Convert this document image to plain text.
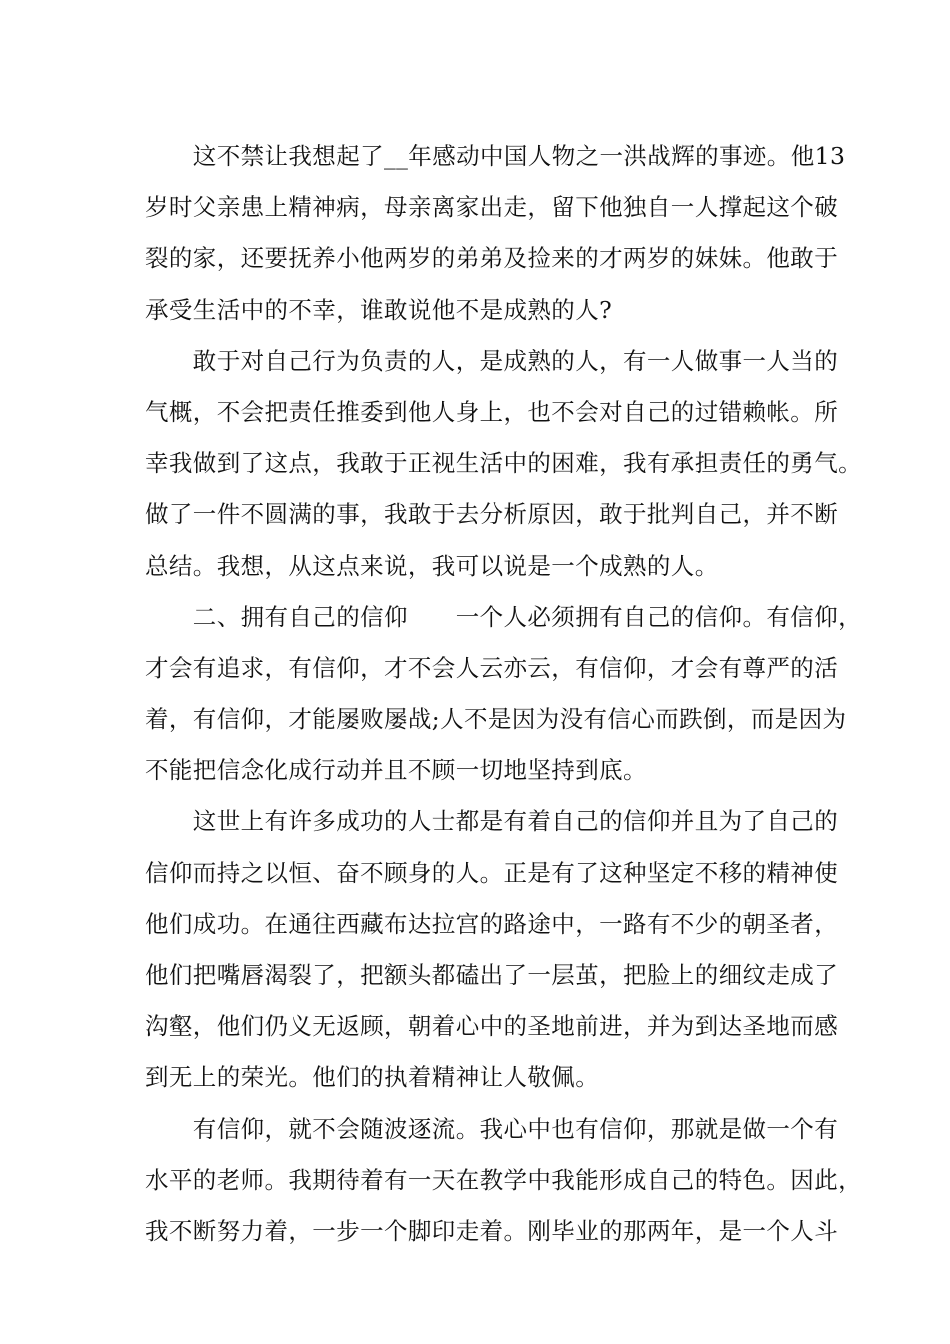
　　这不禁让我想起了__年感动中国人物之一洪战辉的事迹。他13
岁时父亲患上精神病，母亲离家出走，留下他独自一人撑起这个破
裂的家，还要抚养小他两岁的弟弟及捡来的才两岁的妹妹。他敢于
承受生活中的不幸，谁敢说他不是成熟的人?
　　敢于对自己行为负责的人，是成熟的人，有一人做事一人当的
气概，不会把责任推委到他人身上，也不会对自己的过错赖帐。所
幸我做到了这点，我敢于正视生活中的困难，我有承担责任的勇气。
做了一件不圆满的事，我敢于去分析原因，敢于批判自己，并不断
总结。我想，从这点来说，我可以说是一个成熟的人。
　　二、拥有自己的信仰　　一个人必须拥有自己的信仰。有信仰，
才会有追求，有信仰，才不会人云亦云，有信仰，才会有尊严的活
着，有信仰，才能屡败屡战;人不是因为没有信心而跌倒，而是因为
不能把信念化成行动并且不顾一切地坚持到底。
　　这世上有许多成功的人士都是有着自己的信仰并且为了自己的
信仰而持之以恒、奋不顾身的人。正是有了这种坚定不移的精神使
他们成功。在通往西藏布达拉宫的路途中，一路有不少的朝圣者，
他们把嘴唇渴裂了，把额头都磕出了一层茧，把脸上的细纹走成了
沟壑，他们仍义无返顾，朝着心中的圣地前进，并为到达圣地而感
到无上的荣光。他们的执着精神让人敬佩。
　　有信仰，就不会随波逐流。我心中也有信仰，那就是做一个有
水平的老师。我期待着有一天在教学中我能形成自己的特色。因此，
我不断努力着，一步一个脚印走着。刚毕业的那两年，是一个人斗
